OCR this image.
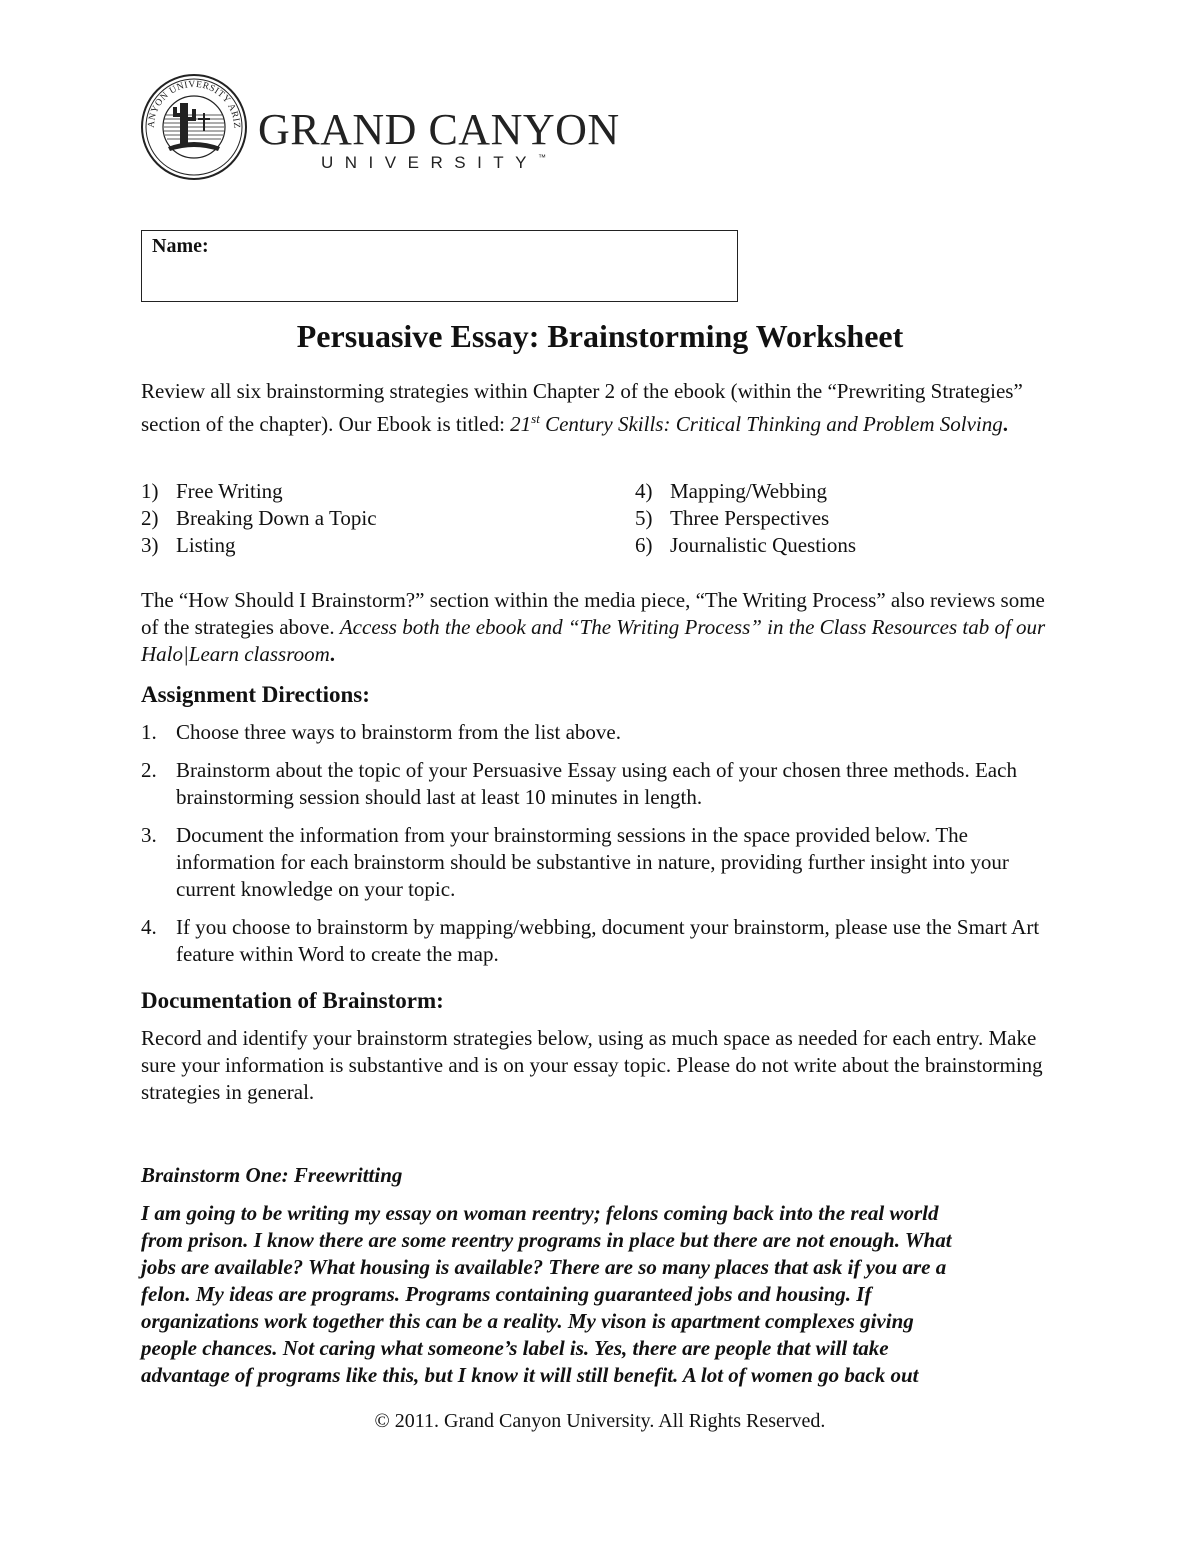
ANYON UNIVERSITY ARIZ GRAND CANYON
UNIVERSITY™
Name:
Persuasive Essay: Brainstorming Worksheet
Review all six brainstorming strategies within Chapter 2 of the ebook (within the “Prewriting Strategies” section of the chapter). Our Ebook is titled: 21st Century Skills: Critical Thinking and Problem Solving.
1) Free Writing
2) Breaking Down a Topic
3) Listing
4) Mapping/Webbing
5) Three Perspectives
6) Journalistic Questions
The “How Should I Brainstorm?” section within the media piece, “The Writing Process” also reviews some of the strategies above. Access both the ebook and “The Writing Process” in the Class Resources tab of our Halo|Learn classroom.
Assignment Directions:
1. Choose three ways to brainstorm from the list above.
2. Brainstorm about the topic of your Persuasive Essay using each of your chosen three methods. Each brainstorming session should last at least 10 minutes in length.
3. Document the information from your brainstorming sessions in the space provided below. The information for each brainstorm should be substantive in nature, providing further insight into your current knowledge on your topic.
4. If you choose to brainstorm by mapping/webbing, document your brainstorm, please use the Smart Art feature within Word to create the map.
Documentation of Brainstorm:
Record and identify your brainstorm strategies below, using as much space as needed for each entry. Make sure your information is substantive and is on your essay topic. Please do not write about the brainstorming strategies in general.
Brainstorm One: Freewritting
I am going to be writing my essay on woman reentry; felons coming back into the real world
from prison. I know there are some reentry programs in place but there are not enough. What
jobs are available? What housing is available? There are so many places that ask if you are a
felon. My ideas are programs. Programs containing guaranteed jobs and housing. If
organizations work together this can be a reality. My vison is apartment complexes giving
people chances. Not caring what someone’s label is. Yes, there are people that will take
advantage of programs like this, but I know it will still benefit. A lot of women go back out
© 2011. Grand Canyon University. All Rights Reserved.
